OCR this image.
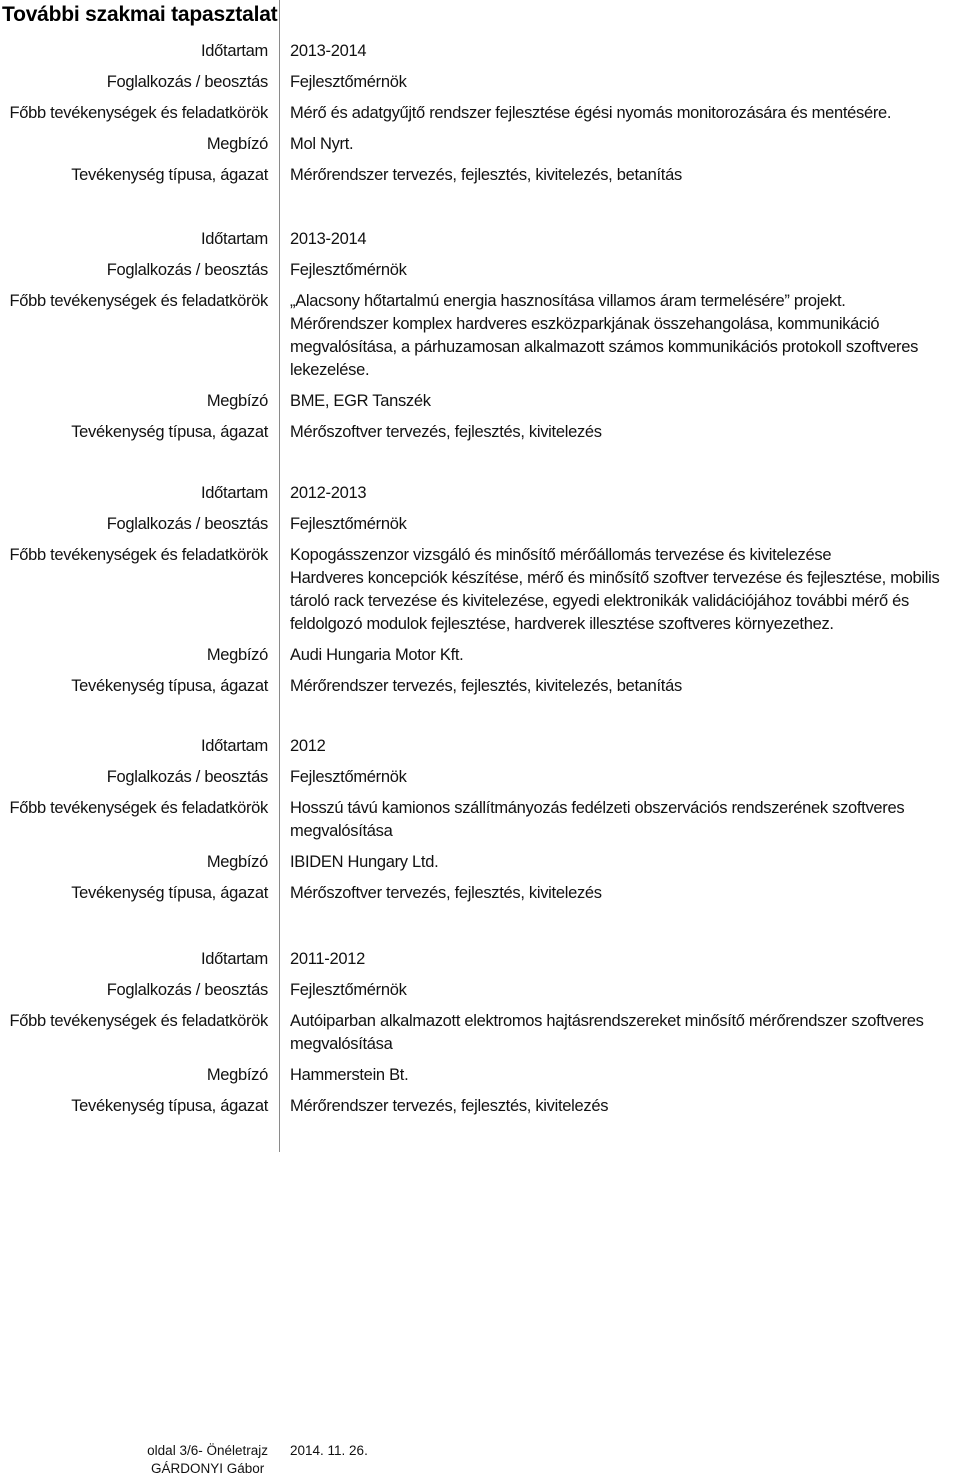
További szakmai tapasztalat
Időtartam 2013-2014
Foglalkozás / beosztás Fejlesztőmérnök
Főbb tevékenységek és feladatkörök Mérő és adatgyűjtő rendszer fejlesztése égési nyomás monitorozására és mentésére.
Megbízó Mol Nyrt.
Tevékenység típusa, ágazat Mérőrendszer tervezés, fejlesztés, kivitelezés, betanítás
Időtartam 2013-2014
Foglalkozás / beosztás Fejlesztőmérnök
Főbb tevékenységek és feladatkörök „Alacsony hőtartalmú energia hasznosítása villamos áram termelésére” projekt.
Mérőrendszer komplex hardveres eszközparkjának összehangolása, kommunikáció megvalósítása, a párhuzamosan alkalmazott számos kommunikációs protokoll szoftveres lekezelése.
Megbízó BME, EGR Tanszék
Tevékenység típusa, ágazat Mérőszoftver tervezés, fejlesztés, kivitelezés
Időtartam 2012-2013
Foglalkozás / beosztás Fejlesztőmérnök
Főbb tevékenységek és feladatkörök Kopogásszenzor vizsgáló és minősítő mérőállomás tervezése és kivitelezése
Hardveres koncepciók készítése, mérő és minősítő szoftver tervezése és fejlesztése, mobilis tároló rack tervezése és kivitelezése, egyedi elektronikák validációjához további mérő és feldolgozó modulok fejlesztése, hardverek illesztése szoftveres környezethez.
Megbízó Audi Hungaria Motor Kft.
Tevékenység típusa, ágazat Mérőrendszer tervezés, fejlesztés, kivitelezés, betanítás
Időtartam 2012
Foglalkozás / beosztás Fejlesztőmérnök
Főbb tevékenységek és feladatkörök Hosszú távú kamionos szállítmányozás fedélzeti obszervációs rendszerének szoftveres megvalósítása
Megbízó IBIDEN Hungary Ltd.
Tevékenység típusa, ágazat Mérőszoftver tervezés, fejlesztés, kivitelezés
Időtartam 2011-2012
Foglalkozás / beosztás Fejlesztőmérnök
Főbb tevékenységek és feladatkörök Autóiparban alkalmazott elektromos hajtásrendszereket minősítő mérőrendszer szoftveres megvalósítása
Megbízó Hammerstein Bt.
Tevékenység típusa, ágazat Mérőrendszer tervezés, fejlesztés, kivitelezés
oldal 3/6- Önéletrajz
GÁRDONYI Gábor
2014. 11. 26.
